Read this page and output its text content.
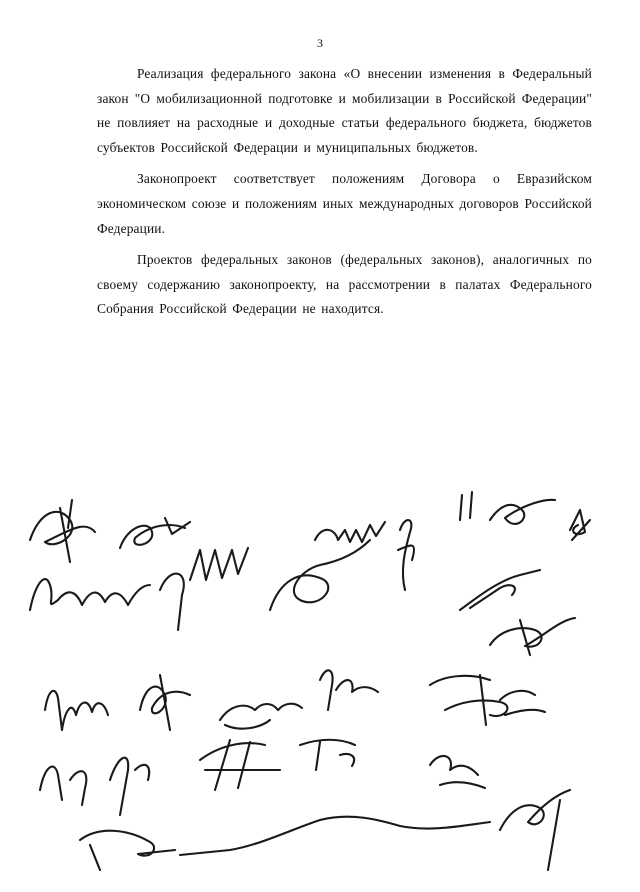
3

Реализация федерального закона «О внесении изменения в Федеральный закон "О мобилизационной подготовке и мобилизации в Российской Федерации" не повлияет на расходные и доходные статьи федерального бюджета, бюджетов субъектов Российской Федерации и муниципальных бюджетов.

Законопроект соответствует положениям Договора о Евразийском экономическом союзе и положениям иных международных договоров Российской Федерации.

Проектов федеральных законов (федеральных законов), аналогичных по своему содержанию законопроекту, на рассмотрении в палатах Федерального Собрания Российской Федерации не находится.
